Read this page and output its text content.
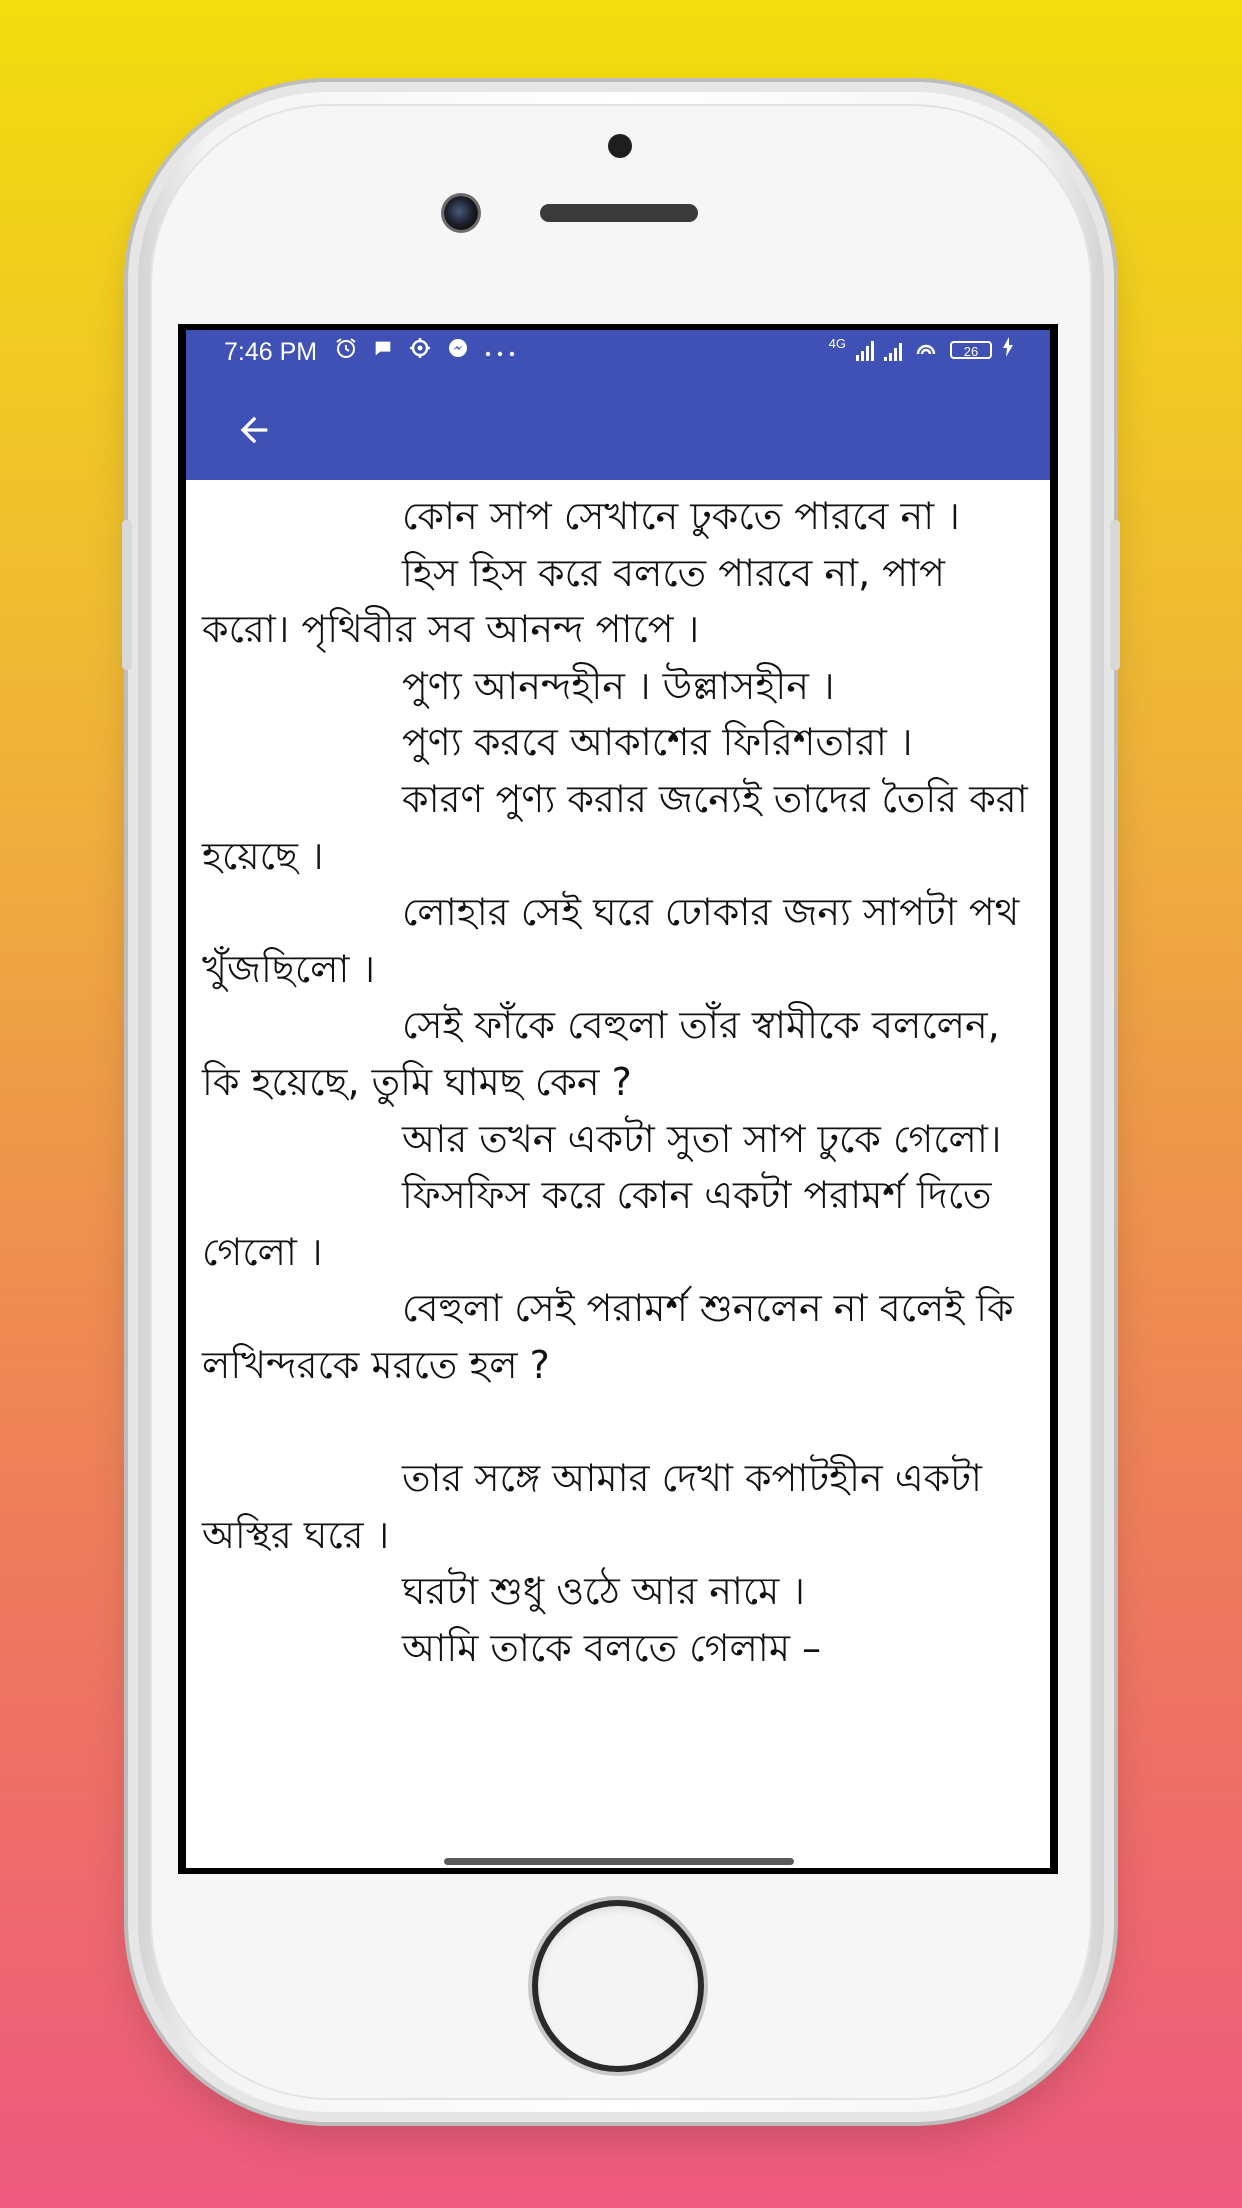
7:46 PM	4G	26

কোন সাপ সেখানে ঢুকতে পারবে না ।

হিস হিস করে বলতে পারবে না, পাপ করো। পৃথিবীর সব আনন্দ পাপে ।

পুণ্য আনন্দহীন । উল্লাসহীন ।

পুণ্য করবে আকাশের ফিরিশতারা ।

কারণ পুণ্য করার জন্যেই তাদের তৈরি করা হয়েছে ।

লোহার সেই ঘরে ঢোকার জন্য সাপটা পথ খুঁজছিলো ।

সেই ফাঁকে বেহুলা তাঁর স্বামীকে বললেন, কি হয়েছে, তুমি ঘামছ কেন ?

আর তখন একটা সুতা সাপ ঢুকে গেলো।

ফিসফিস করে কোন একটা পরামর্শ দিতে গেলো ।

বেহুলা সেই পরামর্শ শুনলেন না বলেই কি লখিন্দরকে মরতে হল ?

তার সঙ্গে আমার দেখা কপাটহীন একটা অস্থির ঘরে ।

ঘরটা শুধু ওঠে আর নামে ।

আমি তাকে বলতে গেলাম –
